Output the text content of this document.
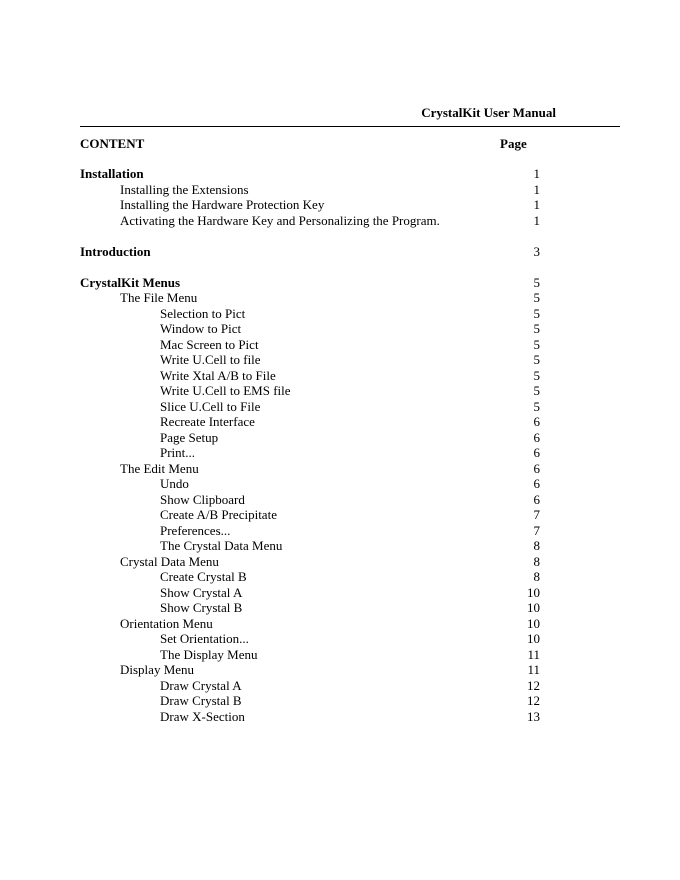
CrystalKit User Manual
CONTENT	Page
Installation	1
Installing the Extensions	1
Installing the Hardware Protection Key	1
Activating the Hardware Key and Personalizing the Program.	1
Introduction	3
CrystalKit Menus	5
The File Menu	5
Selection to Pict	5
Window to Pict	5
Mac Screen to Pict	5
Write U.Cell to file	5
Write Xtal A/B to File	5
Write U.Cell to EMS file	5
Slice U.Cell to File	5
Recreate Interface	6
Page Setup	6
Print...	6
The Edit Menu	6
Undo	6
Show Clipboard	6
Create A/B Precipitate	7
Preferences...	7
The Crystal Data Menu	8
Crystal Data Menu	8
Create Crystal B	8
Show Crystal A	10
Show Crystal B	10
Orientation Menu	10
Set Orientation...	10
The Display Menu	11
Display Menu	11
Draw Crystal A	12
Draw Crystal B	12
Draw X-Section	13
